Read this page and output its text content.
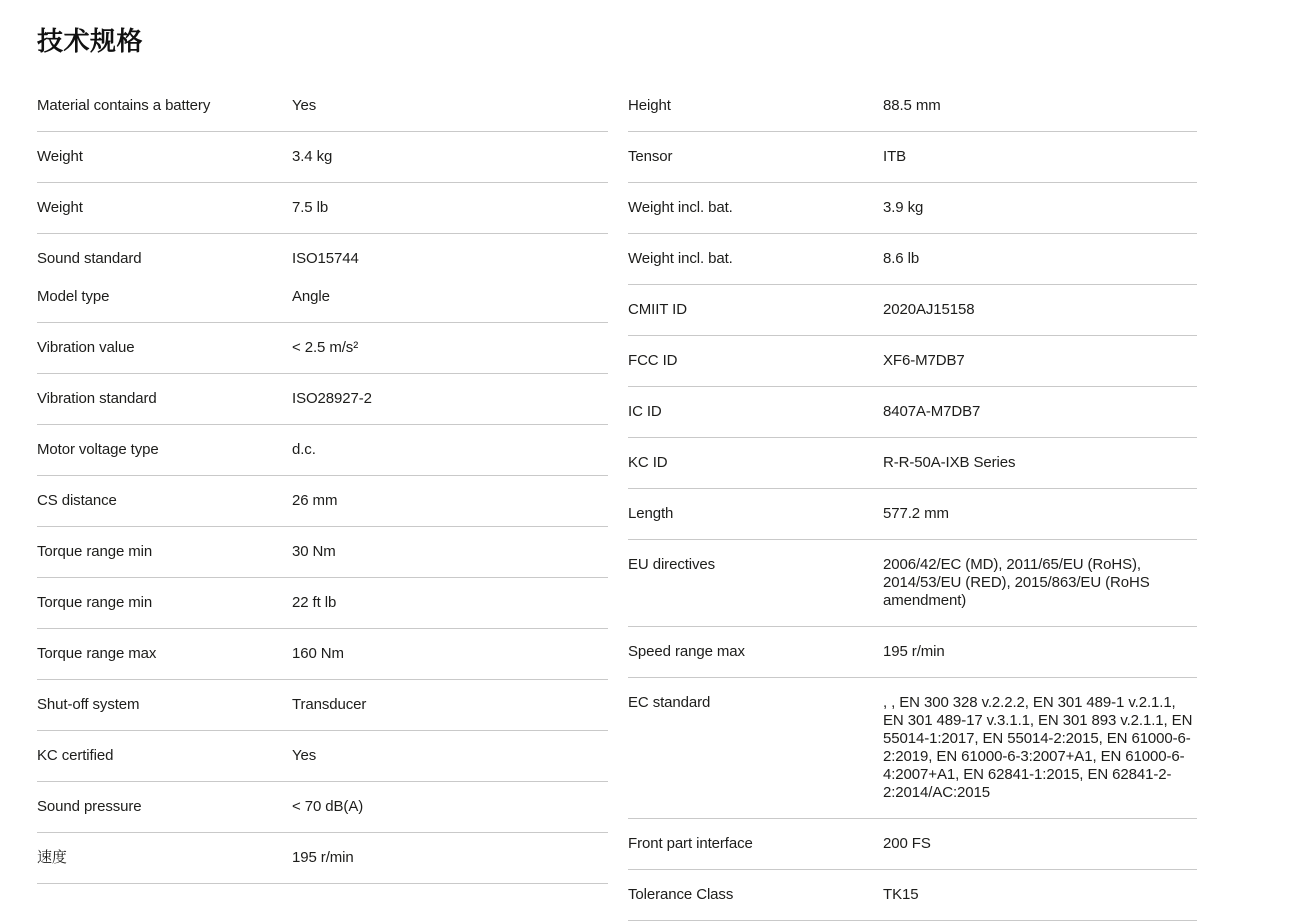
技术规格
Material contains a battery	Yes
Weight	3.4 kg
Weight	7.5 lb
Sound standard	ISO15744
Model type	Angle
Vibration value	< 2.5 m/s²
Vibration standard	ISO28927-2
Motor voltage type	d.c.
CS distance	26 mm
Torque range min	30 Nm
Torque range min	22 ft lb
Torque range max	160 Nm
Shut-off system	Transducer
KC certified	Yes
Sound pressure	< 70 dB(A)
速度	195 r/min
Height	88.5 mm
Tensor	ITB
Weight incl. bat.	3.9 kg
Weight incl. bat.	8.6 lb
CMIIT ID	2020AJ15158
FCC ID	XF6-M7DB7
IC ID	8407A-M7DB7
KC ID	R-R-50A-IXB Series
Length	577.2 mm
EU directives	2006/42/EC (MD), 2011/65/EU (RoHS), 2014/53/EU (RED), 2015/863/EU (RoHS amendment)
Speed range max	195 r/min
EC standard	, , EN 300 328 v.2.2.2, EN 301 489-1 v.2.1.1, EN 301 489-17 v.3.1.1, EN 301 893 v.2.1.1, EN 55014-1:2017, EN 55014-2:2015, EN 61000-6-2:2019, EN 61000-6-3:2007+A1, EN 61000-6-4:2007+A1, EN 62841-1:2015, EN 62841-2-2:2014/AC:2015
Front part interface	200 FS
Tolerance Class	TK15
